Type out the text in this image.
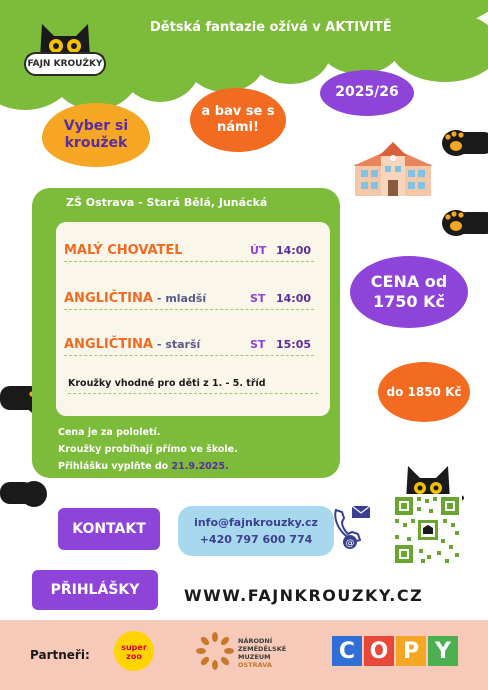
Dětská fantazie ožívá v AKTIVITĚ
FAJN KROUŽKY
Vyber si kroužek
a bav se s námi!
2025/26
CENA od 1750 Kč
do 1850 Kč
ZŠ Ostrava - Stará Bělá, Junácká
MALÝ CHOVATEL	ÚT 14:00
ANGLIČTINA - mladší	ST 14:00
ANGLIČTINA - starší	ST 15:05
Kroužky vhodné pro děti z 1. - 5. tříd
Cena je za pololetí.
Kroužky probíhají přímo ve škole.
Přihlášku vyplňte do 21.9.2025.
KONTAKT
PŘIHLÁŠKY
info@fajnkrouzky.cz
+420 797 600 774	@
WWW.FAJNKROUZKY.CZ
Partneři:
super zoo
NÁRODNÍ
ZEMĚDĚLSKÉ
MUZEUM
OSTRAVA
C O P Y
